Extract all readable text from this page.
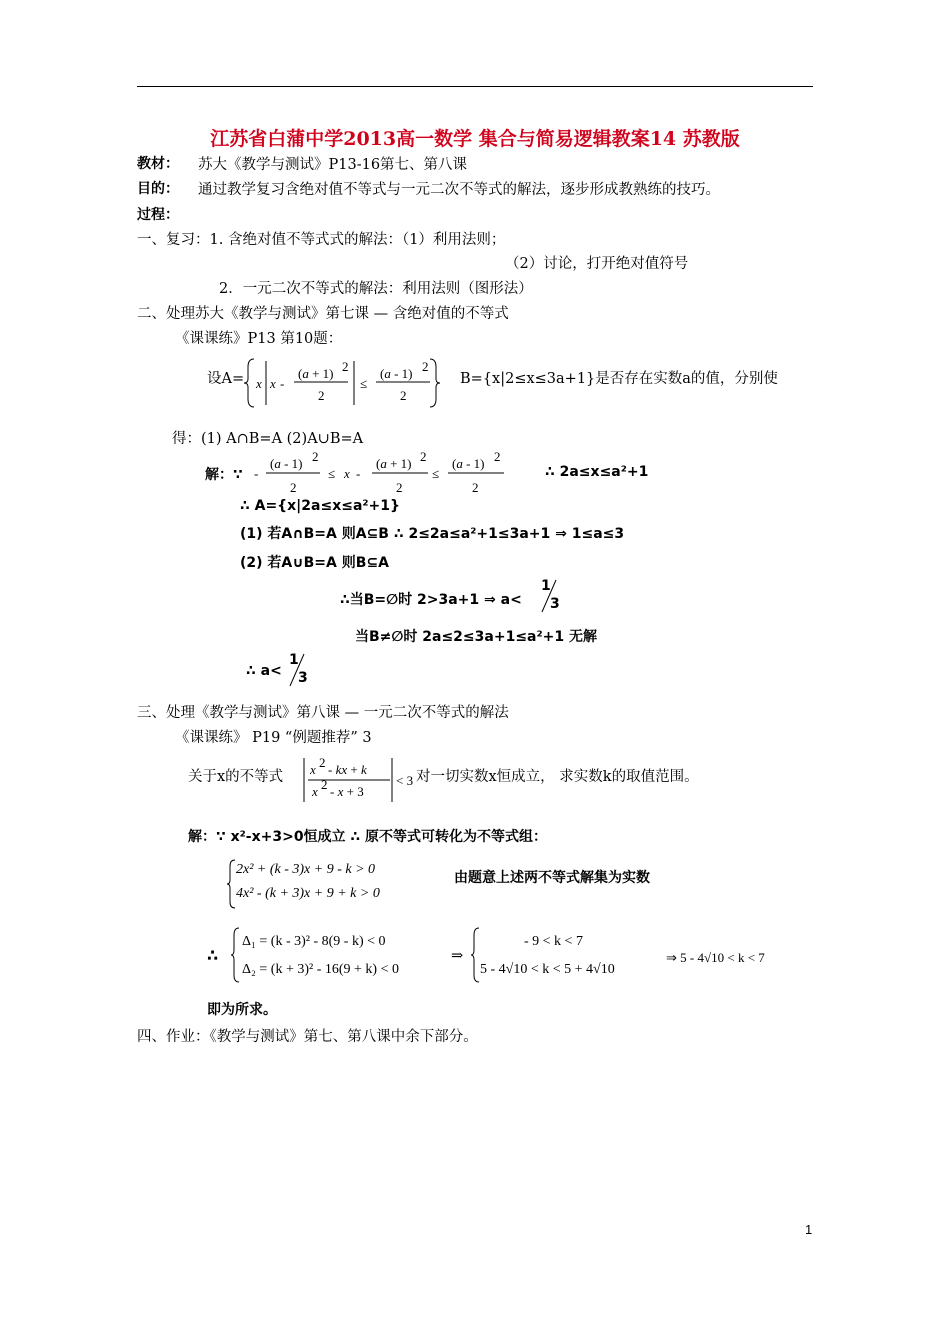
江苏省白蒲中学2013高一数学 集合与简易逻辑教案14 苏教版
教材： 苏大《教学与测试》P13-16第七、第八课
目的： 通过教学复习含绝对值不等式与一元二次不等式的解法，逐步形成教熟练的技巧。
过程：
一、复习：1. 含绝对值不等式式的解法：（1）利用法则；
（2）讨论，打开绝对值符号
2．一元二次不等式的解法：利用法则（图形法）
二、处理苏大《教学与测试》第七课 — 含绝对值的不等式
《课课练》P13 第10题：
设A= x x -
(a + 1) 2
2
≤
(a - 1) 2
2
B={x|2≤x≤3a+1}是否存在实数a的值，分别使
得：(1) A∩B=A (2)A∪B=A
解：∵ -
(a - 1) 2
2
≤ x -
(a + 1) 2
2
≤
(a - 1) 2
2
∴ 2a≤x≤a²+1
∴ A={x|2a≤x≤a²+1}
(1) 若A∩B=A 则A⊆B ∴ 2≤2a≤a²+1≤3a+1 ⇒ 1≤a≤3
(2) 若A∪B=A 则B⊆A
∴当B=∅时 2>3a+1 ⇒ a<
1
3
当B≠∅时 2a≤2≤3a+1≤a²+1 无解
∴ a<
1
3
三、处理《教学与测试》第八课 — 一元二次不等式的解法
《课课练》 P19 “例题推荐” 3
关于x的不等式 x 2 - kx + k
x 2 - x + 3
< 3 对一切实数x恒成立， 求实数k的取值范围。
解：∵ x²-x+3>0恒成立 ∴ 原不等式可转化为不等式组：
2x² + (k - 3)x + 9 - k > 0
4x² - (k + 3)x + 9 + k > 0
由题意上述两不等式解集为实数
∴
Δ₁ = (k - 3)² - 8(9 - k) < 0
Δ₂ = (k + 3)² - 16(9 + k) < 0
⇒
- 9 < k < 7
5 - 4√10 < k < 5 + 4√10
⇒ 5 - 4√10 < k < 7
即为所求。
四、作业：《教学与测试》第七、第八课中余下部分。
1
